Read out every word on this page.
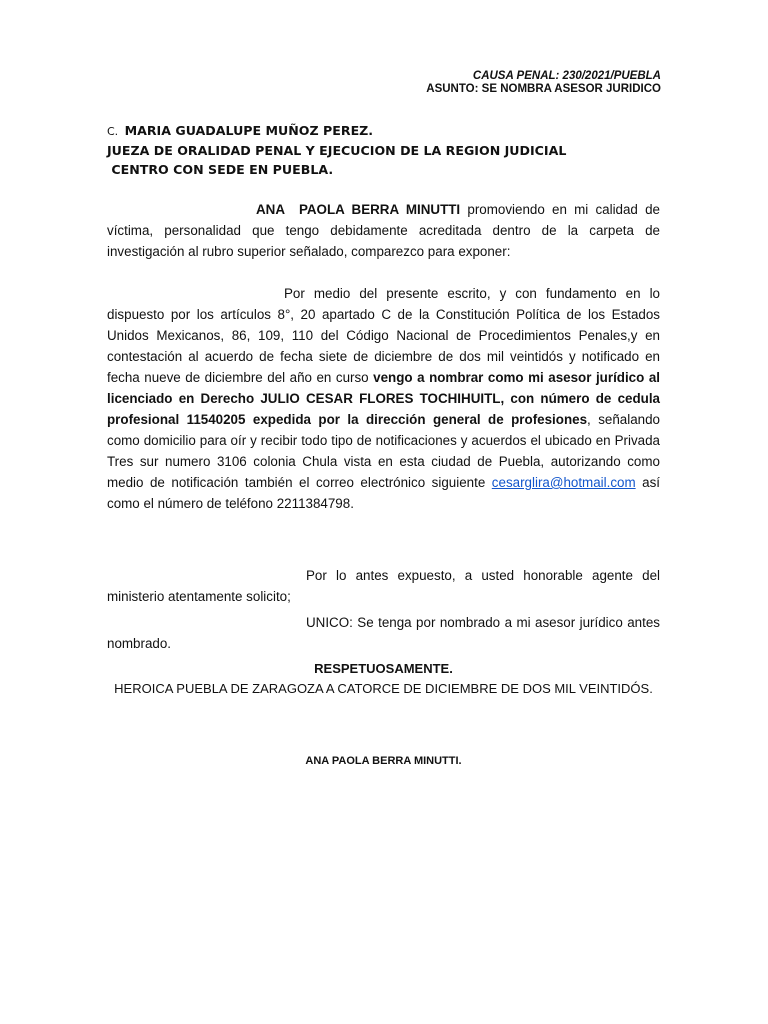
CAUSA PENAL: 230/2021/PUEBLA
ASUNTO: SE NOMBRA ASESOR JURIDICO
C. MARIA GUADALUPE MUÑOZ PEREZ.
JUEZA DE ORALIDAD PENAL Y EJECUCION DE LA REGION JUDICIAL
CENTRO CON SEDE EN PUEBLA.
ANA  PAOLA BERRA MINUTTI promoviendo en mi calidad de víctima, personalidad que tengo debidamente acreditada dentro de la carpeta de investigación al rubro superior señalado, comparezco para exponer:
Por medio del presente escrito, y con fundamento en lo dispuesto por los artículos 8°, 20 apartado C de la Constitución Política de los Estados Unidos Mexicanos, 86, 109, 110 del Código Nacional de Procedimientos Penales,y en contestación al acuerdo de fecha siete de diciembre de dos mil veintidós y notificado en fecha nueve de diciembre del año en curso vengo a nombrar como mi asesor jurídico al licenciado en Derecho JULIO CESAR FLORES TOCHIHUITL, con número de cedula profesional 11540205 expedida por la dirección general de profesiones, señalando como domicilio para oír y recibir todo tipo de notificaciones y acuerdos el ubicado en Privada Tres sur numero 3106 colonia Chula vista en esta ciudad de Puebla, autorizando como medio de notificación también el correo electrónico siguiente cesarglira@hotmail.com así como el número de teléfono 2211384798.
Por lo antes expuesto, a usted honorable agente del ministerio atentamente solicito;
UNICO: Se tenga por nombrado a mi asesor jurídico antes nombrado.
RESPETUOSAMENTE.
HEROICA PUEBLA DE ZARAGOZA A CATORCE DE DICIEMBRE DE DOS MIL VEINTIDÓS.
ANA PAOLA BERRA MINUTTI.
